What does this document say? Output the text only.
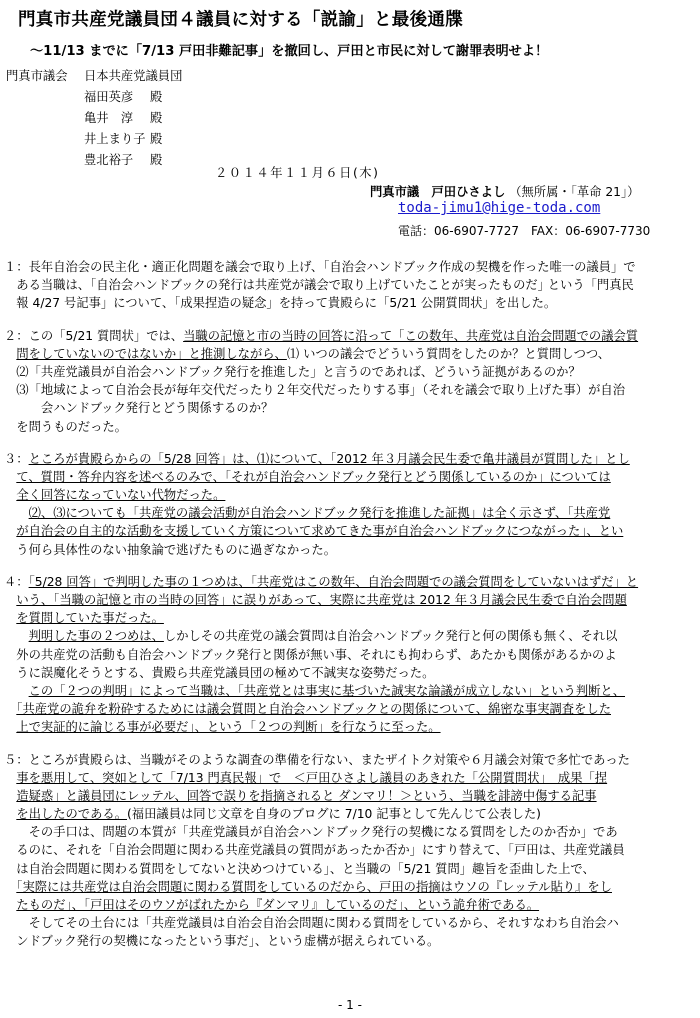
門真市共産党議員団４議員に対する「説諭」と最後通牒
～11/13 までに「7/13 戸田非難記事」を撤回し、戸田と市民に対して謝罪表明せよ！
門真市議会 日本共産党議員団
福田英彦	殿
亀井　淳	殿
井上まり子 殿
豊北裕子	殿
２０１４年１１月６日(木)
門真市議　戸田ひさよし （無所属・｢革命 21｣）
toda-jimu1@hige-toda.com
電話：06-6907-7727　FAX：06-6907-7730
１：長年自治会の民主化・適正化問題を議会で取り上げ、「自治会ハンドブック作成の契機を作った唯一の議員」で
　ある当職は、｢自治会ハンドブックの発行は共産党が議会で取り上げていたことが実ったものだ｣ という「門真民
　報 4/27 号記事」について、「成果捏造の疑念」を持って貴殿らに「5/21 公開質問状」を出した。
２：この「5/21 質問状」では、当職の記憶と市の当時の回答に沿って「この数年、共産党は自治会問題での議会質
　問をしていないのではないか」と推測しながら、⑴ いつの議会でどういう質問をしたのか？と質問しつつ、
　⑵「共産党議員が自治会ハンドブック発行を推進した」と言うのであれば、どういう証拠があるのか？
　⑶「地域によって自治会長が毎年交代だったり２年交代だったりする事」（それを議会で取り上げた事）が自治
　　　会ハンドブック発行とどう関係するのか？
　を問うものだった。
３：ところが貴殿らからの「5/28 回答」は、⑴について、「2012 年３月議会民生委で亀井議員が質問した」とし
　て、質問・答弁内容を述べるのみで、「それが自治会ハンドブック発行とどう関係しているのか」については
　全く回答になっていない代物だった。
　　⑵、⑶についても「共産党の議会活動が自治会ハンドブック発行を推進した証拠」は全く示さず、「共産党
　が自治会の自主的な活動を支援していく方策について求めてきた事が自治会ハンドブックにつながった」、とい
　う何ら具体性のない抽象論で逃げたものに過ぎなかった。
４：「5/28 回答」で判明した事の１つめは、「共産党はこの数年、自治会問題での議会質問をしていないはずだ」と
　いう、「当職の記憶と市の当時の回答」に誤りがあって、実際に共産党は 2012 年３月議会民生委で自治会問題
　を質問していた事だった。
　　判明した事の２つめは、しかしその共産党の議会質問は自治会ハンドブック発行と何の関係も無く、それ以
　外の共産党の活動も自治会ハンドブック発行と関係が無い事、それにも拘わらず、あたかも関係があるかのよ
　うに誤魔化そうとする、貴殿ら共産党議員団の極めて不誠実な姿勢だった。
　　この「２つの判明」によって当職は、「共産党とは事実に基づいた誠実な論議が成立しない」という判断と、
　「共産党の詭弁を粉砕するためには議会質問と自治会ハンドブックとの関係について、綿密な事実調査をした
　上で実証的に論じる事が必要だ」、という「２つの判断」を行なうに至った。
５：ところが貴殿らは、当職がそのような調査の準備を行ない、またザイトク対策や６月議会対策で多忙であった
　事を悪用して、突如として「7/13 門真民報」で　＜戸田ひさよし議員のあきれた「公開質問状」　成果「捏
　造疑惑」と議員団にレッテル、回答で誤りを指摘されると ダンマリ！＞という、当職を誹謗中傷する記事
　を出したのである。(福田議員は同じ文章を自身のブログに 7/10 記事として先んじて公表した)
　　その手口は、問題の本質が「共産党議員が自治会ハンドブック発行の契機になる質問をしたのか否か」であ
　るのに、それを「自治会問題に関わる共産党議員の質問があったか否か」にすり替えて、「戸田は、共産党議員
　は自治会問題に関わる質問をしてないと決めつけている」、と当職の「5/21 質問」趣旨を歪曲した上で、
　「実際には共産党は自治会問題に関わる質問をしているのだから、戸田の指摘はウソの『レッテル貼り』をし
　たものだ」、「戸田はそのウソがばれたから『ダンマリ』しているのだ」、という詭弁術である。
　　そしてその土台には「共産党議員は自治会自治会問題に関わる質問をしているから、それすなわち自治会ハ
　ンドブック発行の契機になったという事だ」、という虚構が据えられている。
- 1 -
